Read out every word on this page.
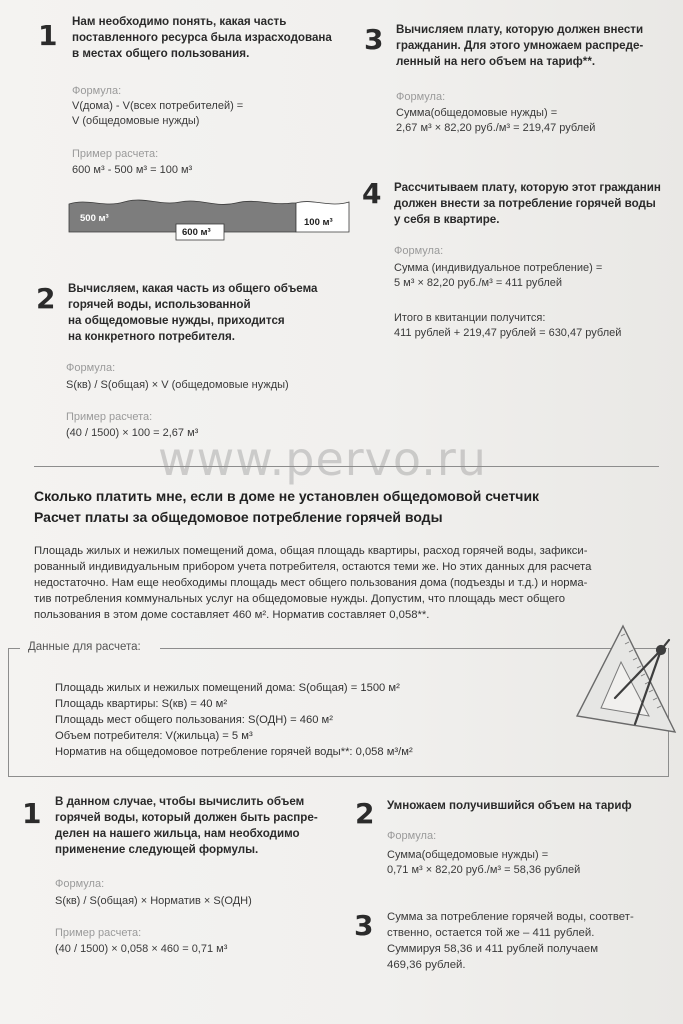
1 Нам необходимо понять, какая часть
поставленного ресурса была израсходована
в местах общего пользования.
Формула:
V(дома) - V(всех потребителей) =
V (общедомовые нужды)
Пример расчета:
600 м³ - 500 м³ = 100 м³
500 м³
600 м³
100 м³
2 Вычисляем, какая часть из общего объема
горячей воды, использованной
на общедомовые нужды, приходится
на конкретного потребителя.
Формула:
S(кв) / S(общая) × V (общедомовые нужды)
Пример расчета:
(40 / 1500) × 100 = 2,67 м³
3 Вычисляем плату, которую должен внести
гражданин. Для этого умножаем распреде-
ленный на него объем на тариф**.
Формула:
Сумма(общедомовые нужды) =
2,67 м³ × 82,20 руб./м³ = 219,47 рублей
4 Рассчитываем плату, которую этот гражданин
должен внести за потребление горячей воды
у себя в квартире.
Формула:
Сумма (индивидуальное потребление) =
5 м³ × 82,20 руб./м³ = 411 рублей
Итого в квитанции получится:
411 рублей + 219,47 рублей = 630,47 рублей
www.pervo.ru
Сколько платить мне, если в доме не установлен общедомовой счетчик
Расчет платы за общедомовое потребление горячей воды
Площадь жилых и нежилых помещений дома, общая площадь квартиры, расход горячей воды, зафикси-
рованный индивидуальным прибором учета потребителя, остаются теми же. Но этих данных для расчета
недостаточно. Нам еще необходимы площадь мест общего пользования дома (подъезды и т.д.) и норма-
тив потребления коммунальных услуг на общедомовые нужды. Допустим, что площадь мест общего
пользования в этом доме составляет 460 м². Норматив составляет 0,058**.
Данные для расчета:
Площадь жилых и нежилых помещений дома: S(общая) = 1500 м²
Площадь квартиры: S(кв) = 40 м²
Площадь мест общего пользования: S(ОДН) = 460 м²
Объем потребителя: V(жильца) = 5 м³
Норматив на общедомовое потребление горячей воды**: 0,058 м³/м²
1 В данном случае, чтобы вычислить объем
горячей воды, который должен быть распре-
делен на нашего жильца, нам необходимо
применение следующей формулы.
Формула:
S(кв) / S(общая) × Норматив × S(ОДН)
Пример расчета:
(40 / 1500) × 0,058 × 460 = 0,71 м³
2 Умножаем получившийся объем на тариф
Формула:
Сумма(общедомовые нужды) =
0,71 м³ × 82,20 руб./м³ = 58,36 рублей
3 Сумма за потребление горячей воды, соответ-
ственно, остается той же – 411 рублей.
Суммируя 58,36 и 411 рублей получаем
469,36 рублей.
